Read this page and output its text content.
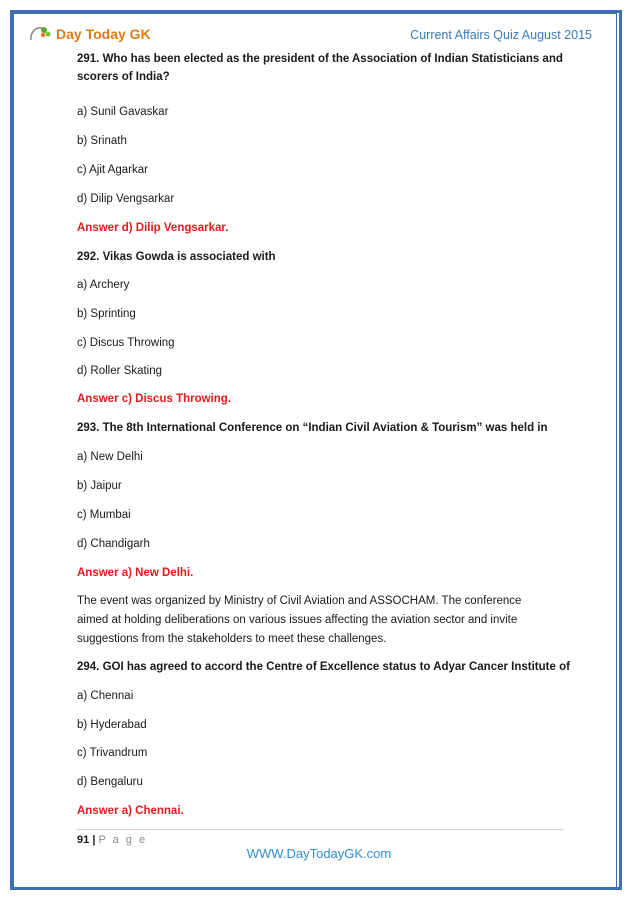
Day Today GK	Current Affairs Quiz August 2015

291. Who has been elected as the president of the Association of Indian Statisticians and

scorers of India?

a) Sunil Gavaskar

b) Srinath

c) Ajit Agarkar

d) Dilip Vengsarkar

Answer d) Dilip Vengsarkar.

292. Vikas Gowda is associated with

a) Archery

b) Sprinting

c) Discus Throwing

d) Roller Skating

Answer c) Discus Throwing.

293. The 8th International Conference on “Indian Civil Aviation & Tourism” was held in

a) New Delhi

b) Jaipur

c) Mumbai

d) Chandigarh

Answer a) New Delhi.

The event was organized by Ministry of Civil Aviation and ASSOCHAM. The conference

aimed at holding deliberations on various issues affecting the aviation sector and invite

suggestions from the stakeholders to meet these challenges.

294. GOI has agreed to accord the Centre of Excellence status to Adyar Cancer Institute of

a) Chennai

b) Hyderabad

c) Trivandrum

d) Bengaluru

Answer a) Chennai.

91 | P a g e
WWW.DayTodayGK.com
